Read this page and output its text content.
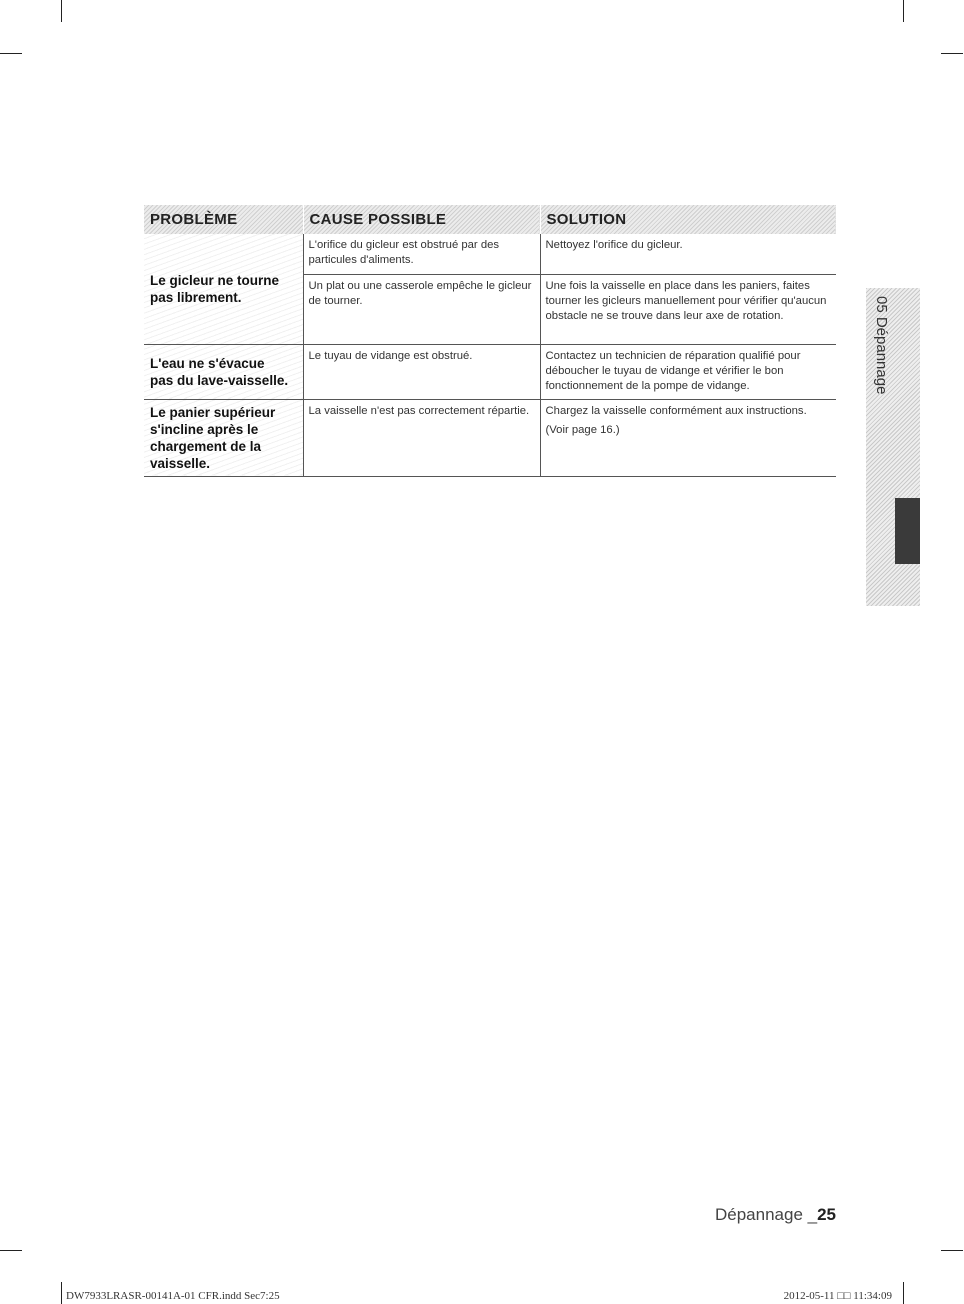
PROBLÈME	CAUSE POSSIBLE	SOLUTION
Le gicleur ne tourne pas librement.	L'orifice du gicleur est obstrué par des particules d'aliments.	Nettoyez l'orifice du gicleur.
	Un plat ou une casserole empêche le gicleur de tourner.	Une fois la vaisselle en place dans les paniers, faites tourner les gicleurs manuellement pour vérifier qu'aucun obstacle ne se trouve dans leur axe de rotation.
L'eau ne s'évacue pas du lave-vaisselle.	Le tuyau de vidange est obstrué.	Contactez un technicien de réparation qualifié pour déboucher le tuyau de vidange et vérifier le bon fonctionnement de la pompe de vidange.
Le panier supérieur s'incline après le chargement de la vaisselle.	La vaisselle n'est pas correctement répartie.	Chargez la vaisselle conformément aux instructions.
(Voir page 16.)
05 Dépannage
Dépannage _25
DW7933LRASR-00141A-01 CFR.indd Sec7:25	2012-05-11 □□ 11:34:09
